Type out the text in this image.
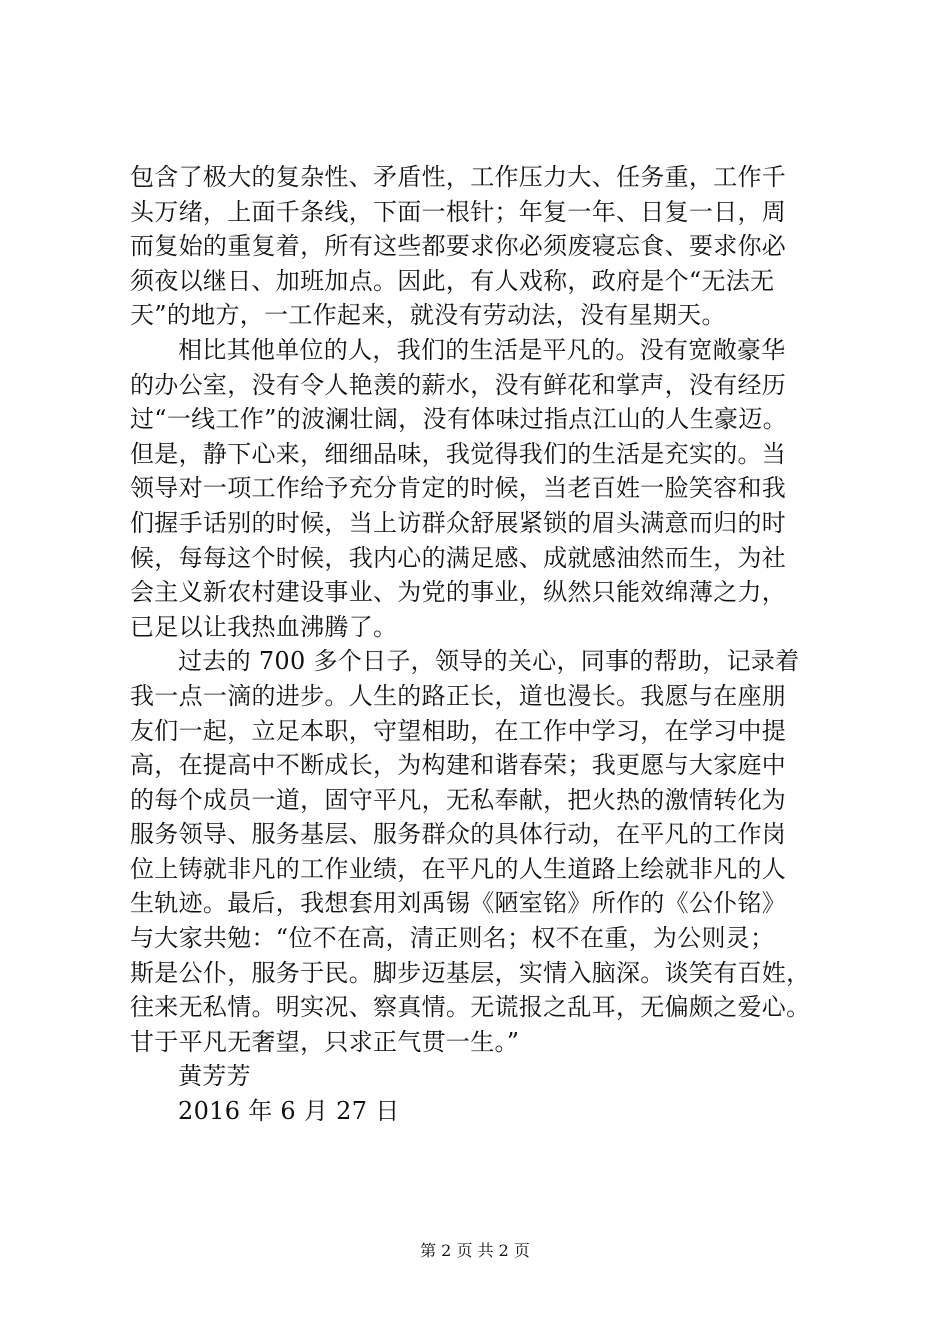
包含了极大的复杂性、矛盾性，工作压力大、任务重，工作千
头万绪，上面千条线，下面一根针；年复一年、日复一日，周
而复始的重复着，所有这些都要求你必须废寝忘食、要求你必
须夜以继日、加班加点。因此，有人戏称，政府是个“无法无
天”的地方，一工作起来，就没有劳动法，没有星期天。
相比其他单位的人，我们的生活是平凡的。没有宽敞豪华
的办公室，没有令人艳羡的薪水，没有鲜花和掌声，没有经历
过“一线工作”的波澜壮阔，没有体味过指点江山的人生豪迈。
但是，静下心来，细细品味，我觉得我们的生活是充实的。当
领导对一项工作给予充分肯定的时候，当老百姓一脸笑容和我
们握手话别的时候，当上访群众舒展紧锁的眉头满意而归的时
候，每每这个时候，我内心的满足感、成就感油然而生，为社
会主义新农村建设事业、为党的事业，纵然只能效绵薄之力，
已足以让我热血沸腾了。
过去的 700 多个日子，领导的关心，同事的帮助，记录着
我一点一滴的进步。人生的路正长，道也漫长。我愿与在座朋
友们一起，立足本职，守望相助，在工作中学习，在学习中提
高，在提高中不断成长，为构建和谐春荣；我更愿与大家庭中
的每个成员一道，固守平凡，无私奉献，把火热的激情转化为
服务领导、服务基层、服务群众的具体行动，在平凡的工作岗
位上铸就非凡的工作业绩，在平凡的人生道路上绘就非凡的人
生轨迹。最后，我想套用刘禹锡《陋室铭》所作的《公仆铭》
与大家共勉：“位不在高，清正则名；权不在重，为公则灵；
斯是公仆，服务于民。脚步迈基层，实情入脑深。谈笑有百姓，
往来无私情。明实况、察真情。无谎报之乱耳，无偏颇之爱心。
甘于平凡无奢望，只求正气贯一生。”
黄芳芳
2016 年 6 月 27 日
第 2 页 共 2 页
